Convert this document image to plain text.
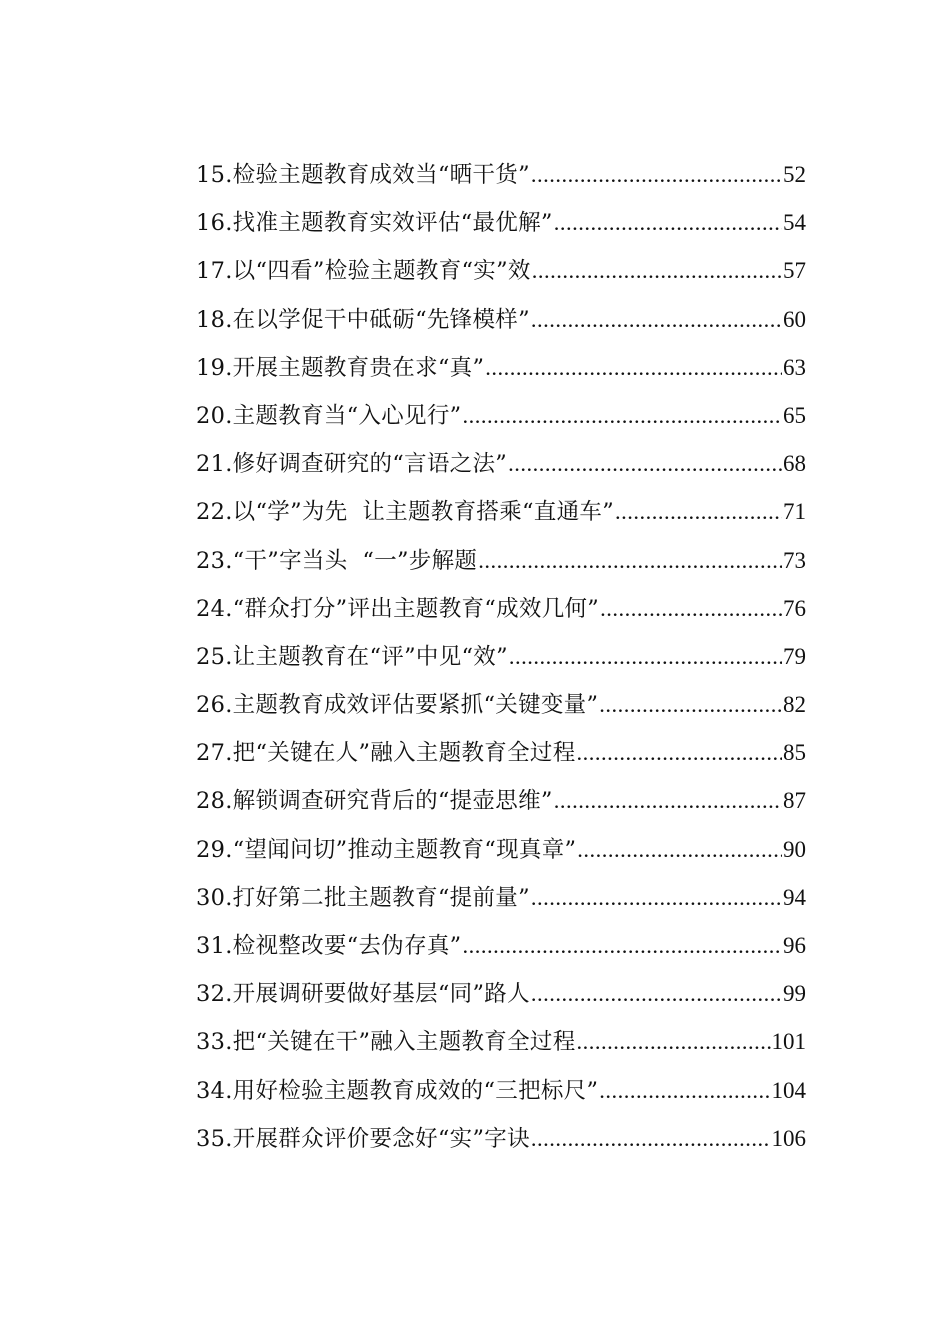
15.检验主题教育成效当“晒干货” .....	52
16.找准主题教育实效评估“最优解” .....	54
17.以“四看”检验主题教育“实”效 .....	57
18.在以学促干中砥砺“先锋模样” .....	60
19.开展主题教育贵在求“真” .....	63
20.主题教育当“入心见行” .....	65
21.修好调查研究的“言语之法” .....	68
22.以“学”为先  让主题教育搭乘“直通车” .....	71
23.“干”字当头  “一”步解题 .....	73
24.“群众打分”评出主题教育“成效几何” .....	76
25.让主题教育在“评”中见“效” .....	79
26.主题教育成效评估要紧抓“关键变量” .....	82
27.把“关键在人”融入主题教育全过程 .....	85
28.解锁调查研究背后的“提壶思维” .....	87
29.“望闻问切”推动主题教育“现真章” .....	90
30.打好第二批主题教育“提前量” .....	94
31.检视整改要“去伪存真” .....	96
32.开展调研要做好基层“同”路人 .....	99
33.把“关键在干”融入主题教育全过程 .....	101
34.用好检验主题教育成效的“三把标尺” .....	104
35.开展群众评价要念好“实”字诀 .....	106
